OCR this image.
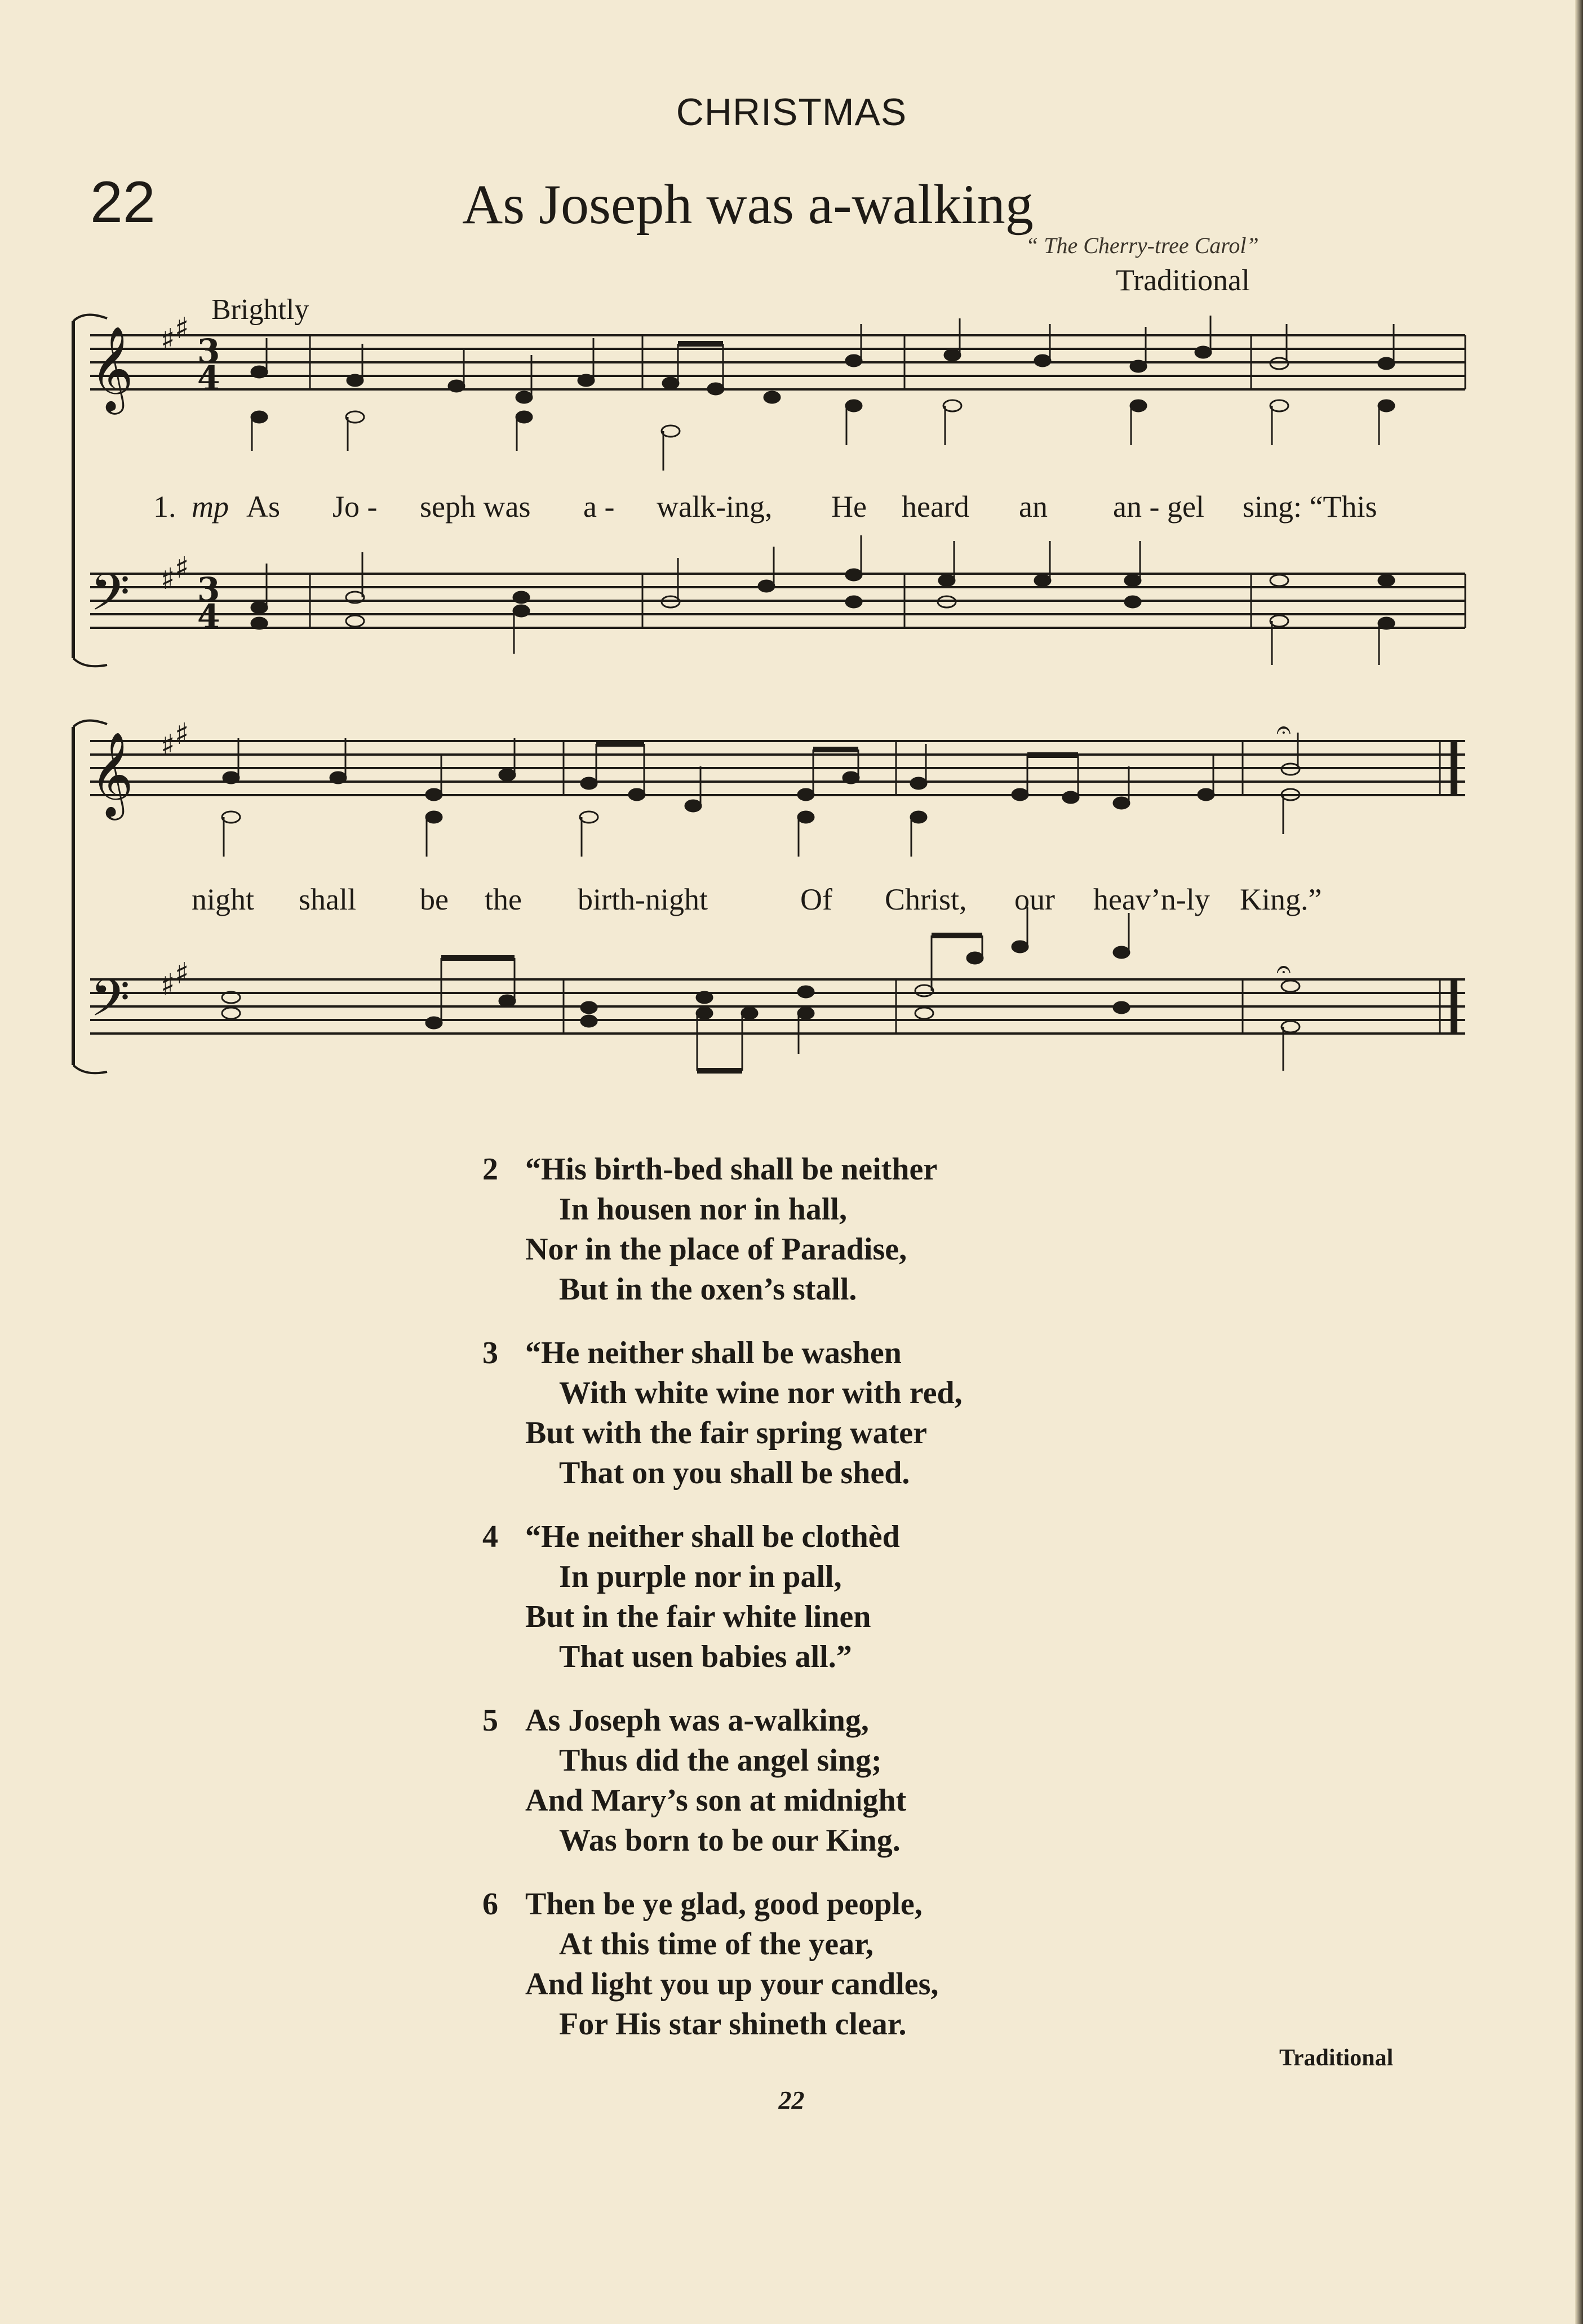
CHRISTMAS
22	As Joseph was a-walking
“ The Cherry-tree Carol”
Traditional
Brightly
𝄞
𝄢
♯ ♯
♯ ♯
3
4
3
4
1. mp As Jo - seph was a - walk-ing, He heard an an - gel sing: “This
𝄞
𝄢
♯ ♯
♯ ♯
𝄐
𝄐
night shall be the birth-night	Of Christ, our heav’n-ly King.”
2 “His birth-bed shall be neither
In housen nor in hall,
Nor in the place of Paradise,
But in the oxen’s stall.
3 “He neither shall be washen
With white wine nor with red,
But with the fair spring water
That on you shall be shed.
4 “He neither shall be clothèd
In purple nor in pall,
But in the fair white linen
That usen babies all.”
5 As Joseph was a-walking,
Thus did the angel sing;
And Mary’s son at midnight
Was born to be our King.
6 Then be ye glad, good people,
At this time of the year,
And light you up your candles,
For His star shineth clear.
Traditional
22
